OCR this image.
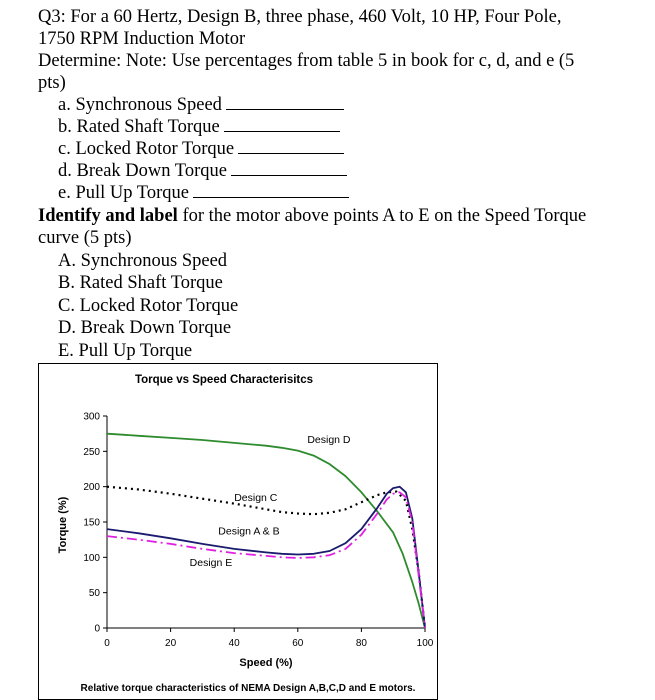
Q3: For a 60 Hertz, Design B, three phase, 460 Volt, 10 HP, Four Pole,
1750 RPM Induction Motor
Determine: Note: Use percentages from table 5 in book for c, d, and e (5
pts)
a. Synchronous Speed
b. Rated Shaft Torque
c. Locked Rotor Torque
d. Break Down Torque
e. Pull Up Torque
Identify and label for the motor above points A to E on the Speed Torque
curve (5 pts)
A. Synchronous Speed
B. Rated Shaft Torque
C. Locked Rotor Torque
D. Break Down Torque
E. Pull Up Torque
Torque vs Speed Characterisitcs
0
50
100
150
200
250
300
0	20	40	60	80	100
Design D
Design C
Design A & B
Design E
Speed (%)
Torque (%)
Relative torque characteristics of NEMA Design A,B,C,D and E motors.
